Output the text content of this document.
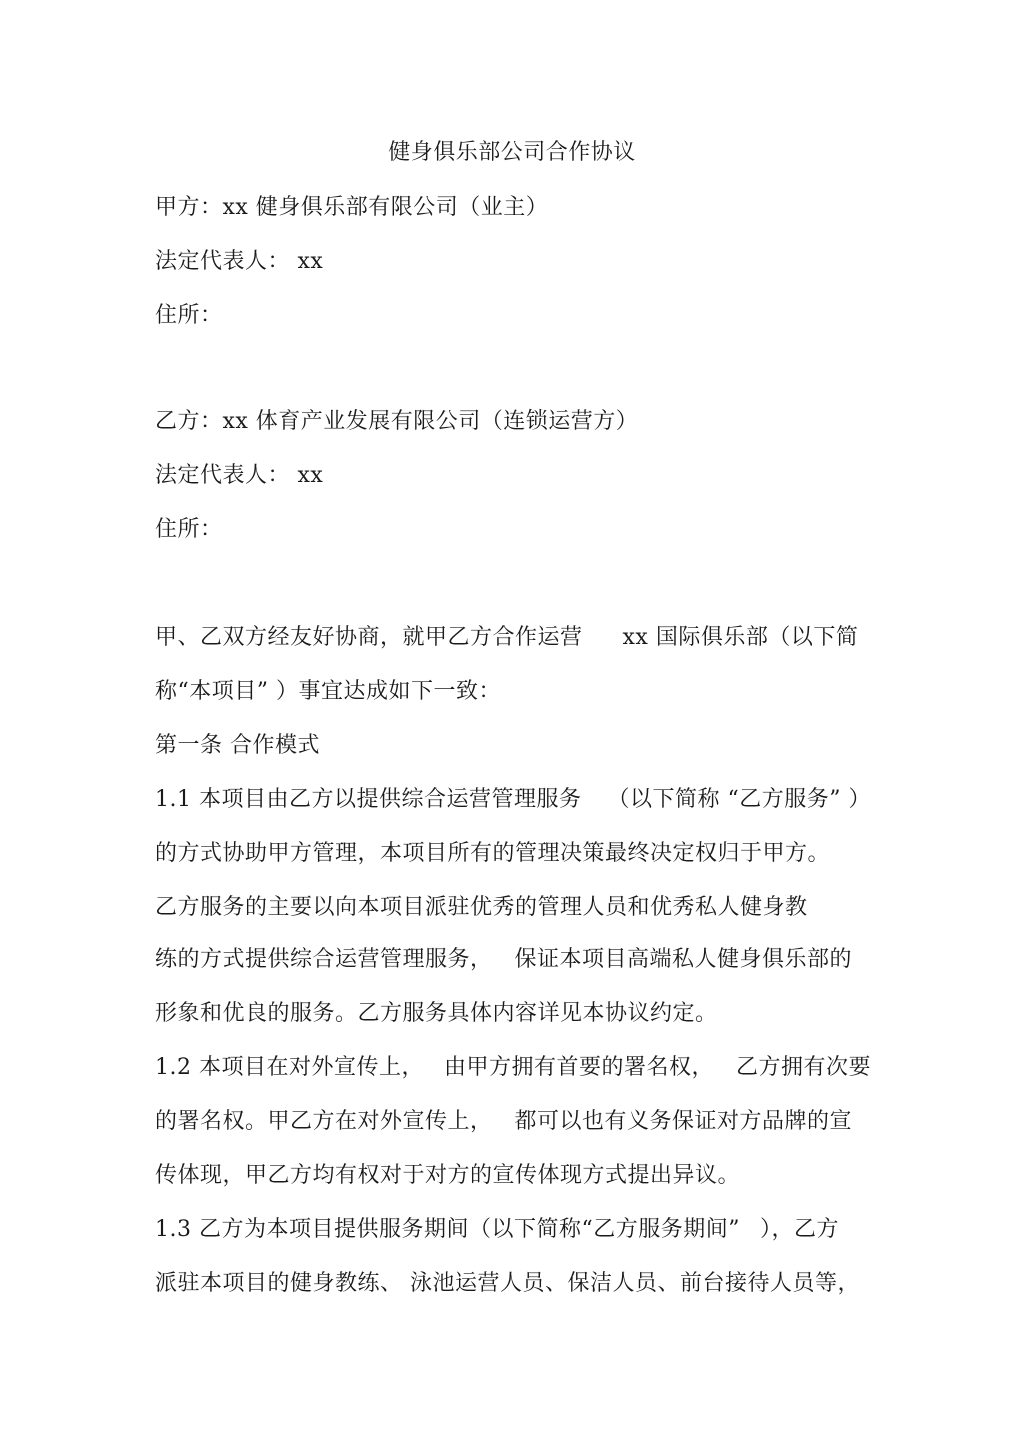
健身俱乐部公司合作协议
甲方：xx 健身俱乐部有限公司（业主）
法定代表人： xx
住所：
乙方：xx 体育产业发展有限公司（连锁运营方）
法定代表人： xx
住所：
甲、乙双方经友好协商，就甲乙方合作运营 xx 国际俱乐部（以下简
称“本项目” ）事宜达成如下一致：
第一条 合作模式
1.1 本项目由乙方以提供综合运营管理服务 （以下简称 “乙方服务” ）
的方式协助甲方管理，本项目所有的管理决策最终决定权归于甲方。
乙方服务的主要以向本项目派驻优秀的管理人员和优秀私人健身教
练的方式提供综合运营管理服务， 保证本项目高端私人健身俱乐部的
形象和优良的服务。乙方服务具体内容详见本协议约定。
1.2 本项目在对外宣传上， 由甲方拥有首要的署名权， 乙方拥有次要
的署名权。甲乙方在对外宣传上， 都可以也有义务保证对方品牌的宣
传体现，甲乙方均有权对于对方的宣传体现方式提出异议。
1.3 乙方为本项目提供服务期间（以下简称“乙方服务期间” ），乙方
派驻本项目的健身教练、 泳池运营人员、保洁人员、前台接待人员等，
